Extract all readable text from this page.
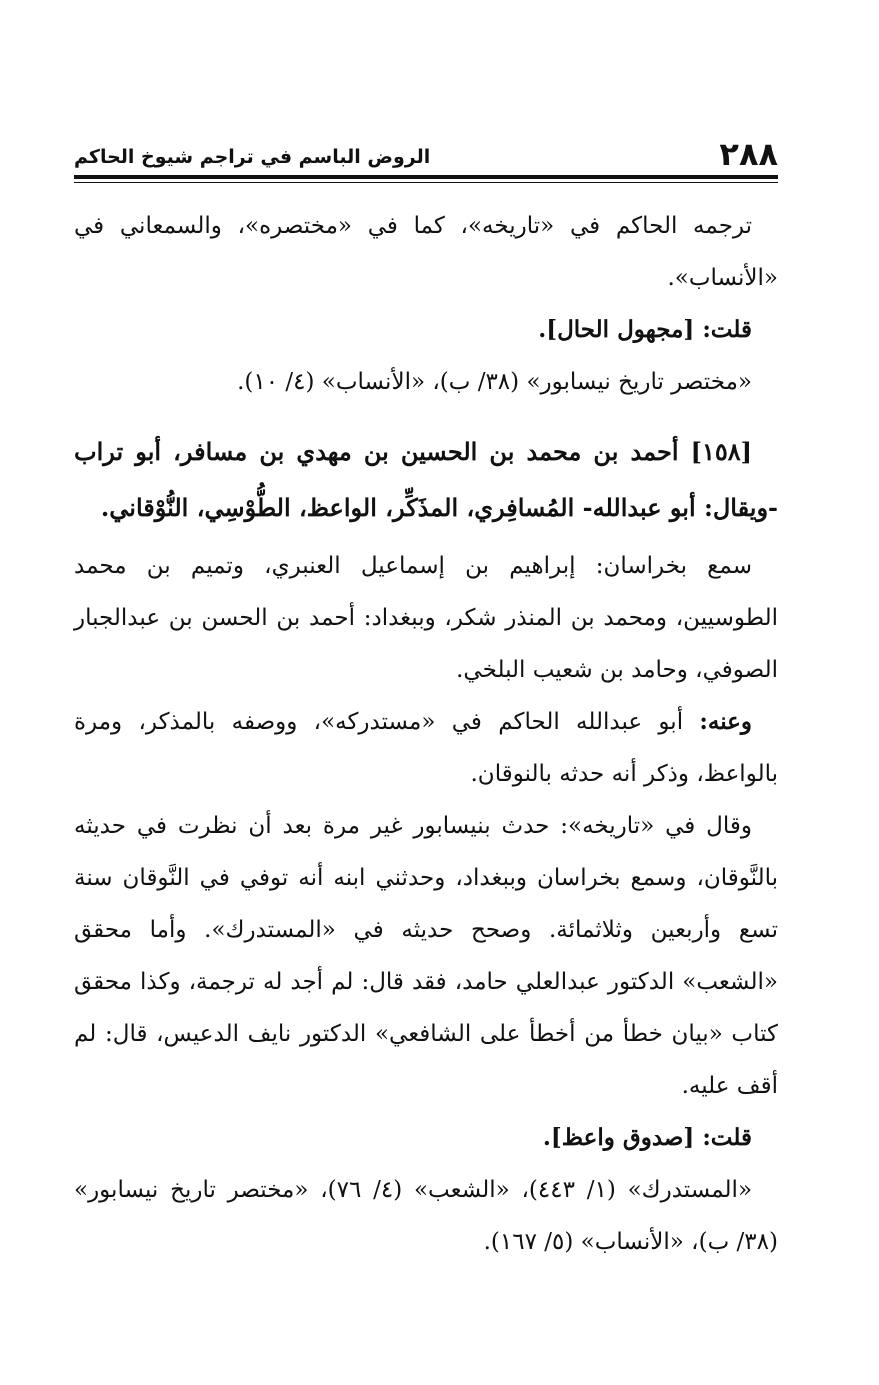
٢٨٨
الروض الباسم في تراجم شيوخ الحاكم

ترجمه الحاكم في «تاريخه»، كما في «مختصره»، والسمعاني في «الأنساب».

قلت: [مجهول الحال].

«مختصر تاريخ نيسابور» (٣٨/ ب)، «الأنساب» (٤/ ١٠).

[١٥٨] أحمد بن محمد بن الحسين بن مهدي بن مسافر، أبو تراب -ويقال: أبو عبدالله- المُسافِري، المذَكِّر، الواعظ، الطُّوْسِي، النُّوْقاني.

سمع بخراسان: إبراهيم بن إسماعيل العنبري، وتميم بن محمد الطوسيين، ومحمد بن المنذر شكر، وببغداد: أحمد بن الحسن بن عبدالجبار الصوفي، وحامد بن شعيب البلخي.

وعنه: أبو عبدالله الحاكم في «مستدركه»، ووصفه بالمذكر، ومرة بالواعظ، وذكر أنه حدثه بالنوقان.

وقال في «تاريخه»: حدث بنيسابور غير مرة بعد أن نظرت في حديثه بالنَّوقان، وسمع بخراسان وببغداد، وحدثني ابنه أنه توفي في النَّوقان سنة تسع وأربعين وثلاثمائة. وصحح حديثه في «المستدرك». وأما محقق «الشعب» الدكتور عبدالعلي حامد، فقد قال: لم أجد له ترجمة، وكذا محقق كتاب «بيان خطأ من أخطأ على الشافعي» الدكتور نايف الدعيس، قال: لم أقف عليه.

قلت: [صدوق واعظ].

«المستدرك» (١/ ٤٤٣)، «الشعب» (٤/ ٧٦)، «مختصر تاريخ نيسابور» (٣٨/ ب)، «الأنساب» (٥/ ١٦٧).
